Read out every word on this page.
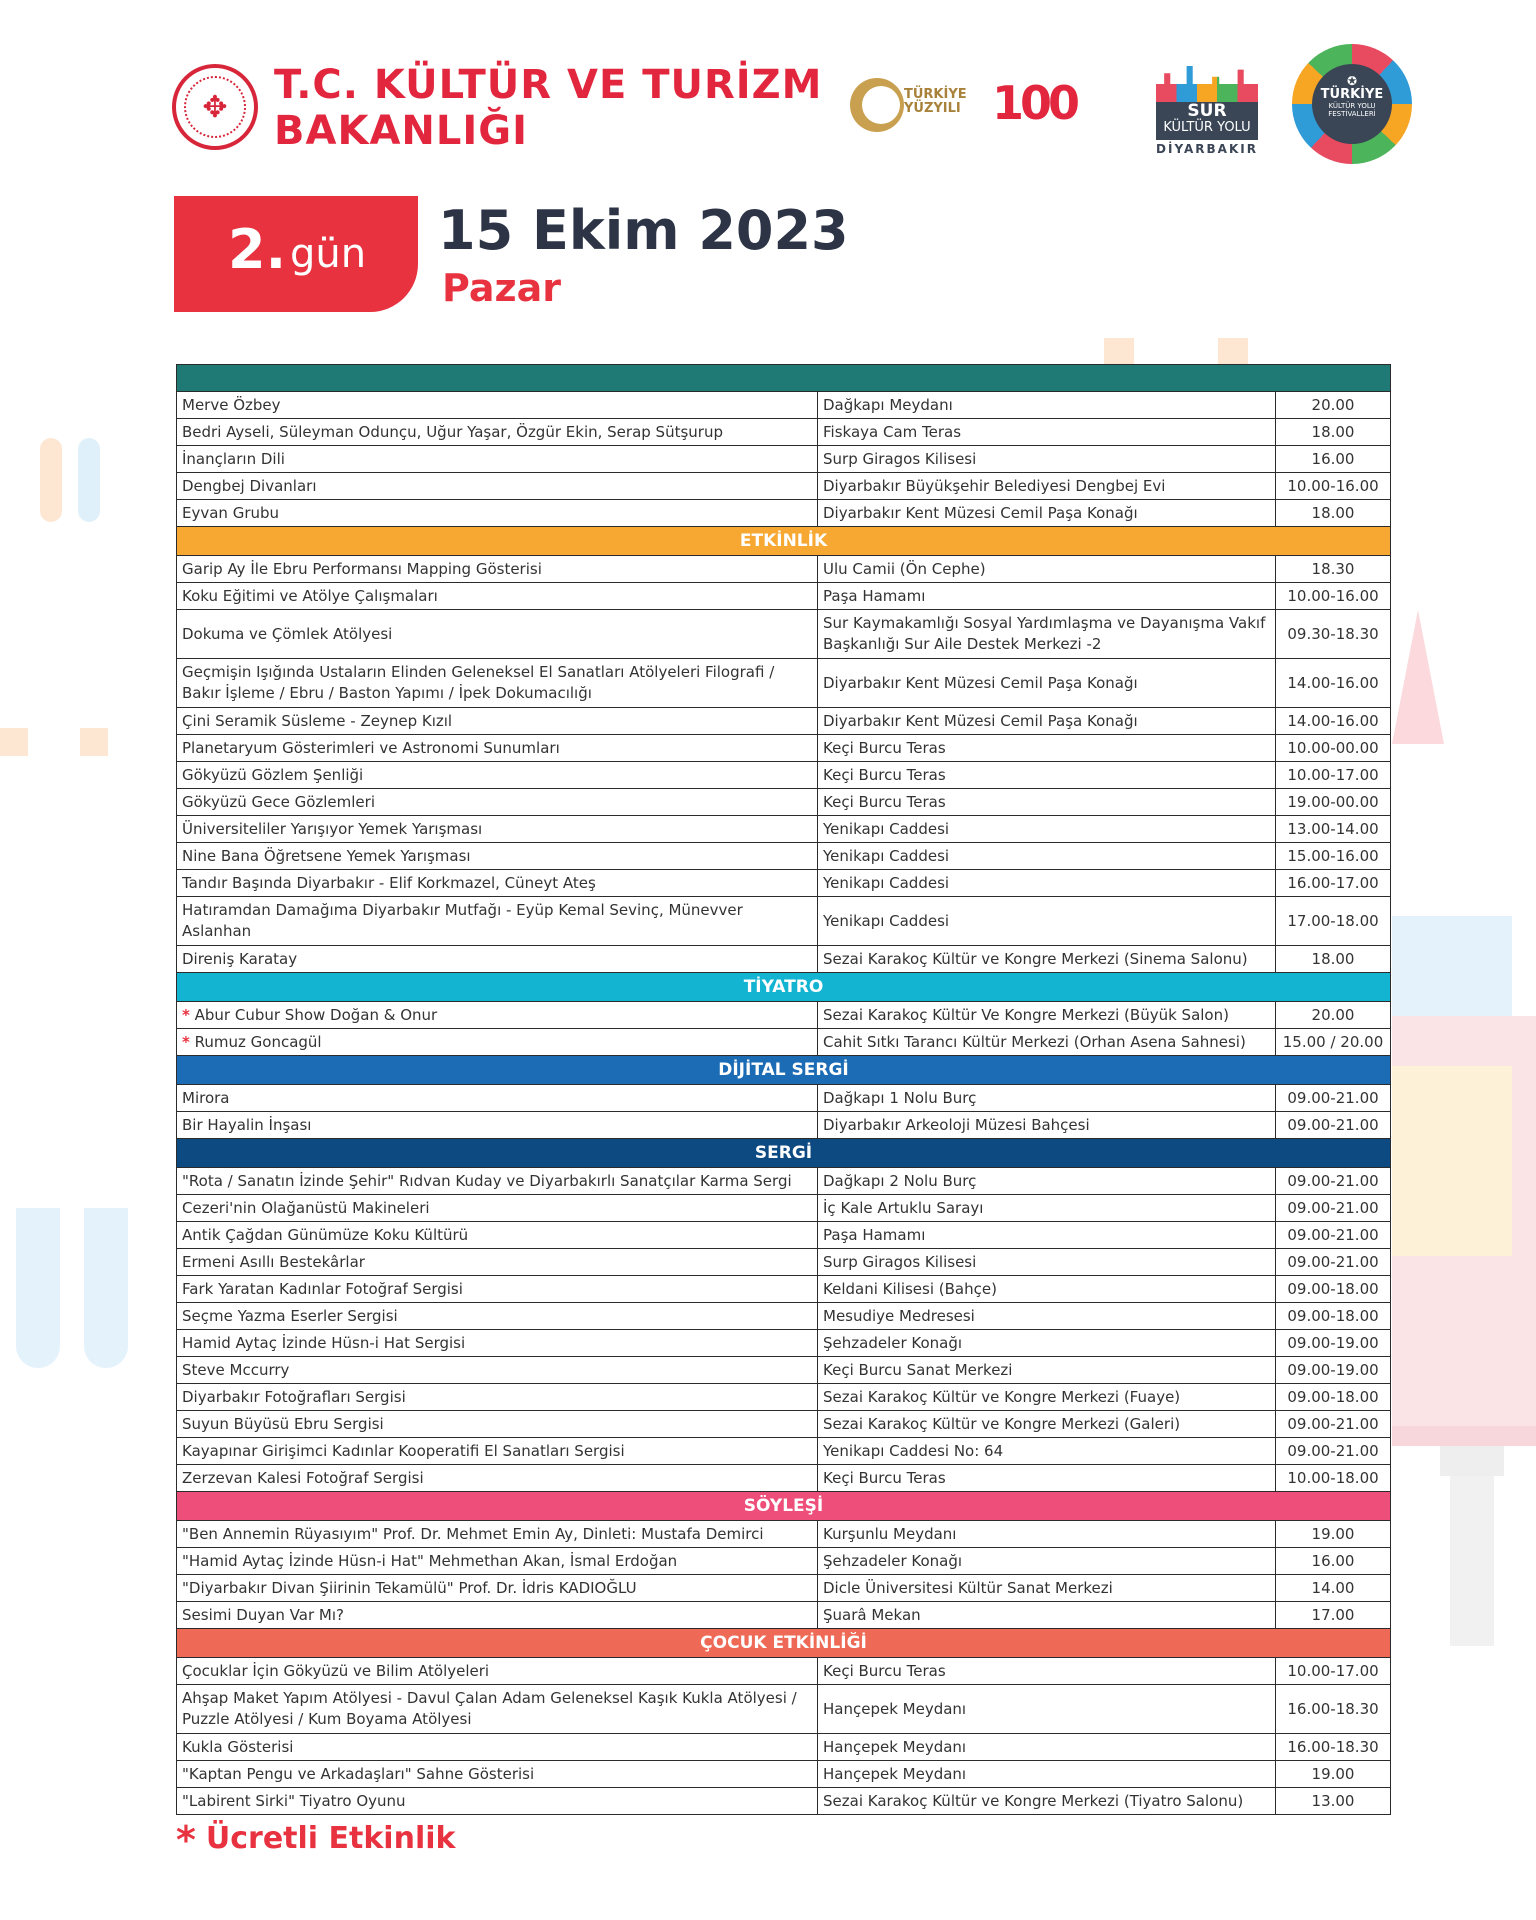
✥	T.C. KÜLTÜR VE TURİZM
BAKANLIĞI
TÜRKİYE
YÜZYILI 100	SUR
KÜLTÜR YOLU
DİYARBAKIR
✪
TÜRKİYE
KÜLTÜR YOLU FESTİVALLERİ
2. gün 15 Ekim 2023
Pazar

Merve Özbey	Dağkapı Meydanı	20.00
Bedri Ayseli, Süleyman Odunçu, Uğur Yaşar, Özgür Ekin, Serap Sütşurup	Fiskaya Cam Teras	18.00
İnançların Dili	Surp Giragos Kilisesi	16.00
Dengbej Divanları	Diyarbakır Büyükşehir Belediyesi Dengbej Evi	10.00-16.00
Eyvan Grubu	Diyarbakır Kent Müzesi Cemil Paşa Konağı	18.00
ETKİNLİK		
Garip Ay İle Ebru Performansı Mapping Gösterisi	Ulu Camii (Ön Cephe)	18.30
Koku Eğitimi ve Atölye Çalışmaları	Paşa Hamamı	10.00-16.00
Dokuma ve Çömlek Atölyesi	Sur Kaymakamlığı Sosyal Yardımlaşma ve Dayanışma Vakıf Başkanlığı Sur Aile Destek Merkezi -2	09.30-18.30
Geçmişin Işığında Ustaların Elinden Geleneksel El Sanatları Atölyeleri Filografi / Bakır İşleme / Ebru / Baston Yapımı / İpek Dokumacılığı	Diyarbakır Kent Müzesi Cemil Paşa Konağı	14.00-16.00
Çini Seramik Süsleme - Zeynep Kızıl	Diyarbakır Kent Müzesi Cemil Paşa Konağı	14.00-16.00
Planetaryum Gösterimleri ve Astronomi Sunumları	Keçi Burcu Teras	10.00-00.00
Gökyüzü Gözlem Şenliği	Keçi Burcu Teras	10.00-17.00
Gökyüzü Gece Gözlemleri	Keçi Burcu Teras	19.00-00.00
Üniversiteliler Yarışıyor Yemek Yarışması	Yenikapı Caddesi	13.00-14.00
Nine Bana Öğretsene Yemek Yarışması	Yenikapı Caddesi	15.00-16.00
Tandır Başında Diyarbakır - Elif Korkmazel, Cüneyt Ateş	Yenikapı Caddesi	16.00-17.00
Hatıramdan Damağıma Diyarbakır Mutfağı - Eyüp Kemal Sevinç, Münevver Aslanhan	Yenikapı Caddesi	17.00-18.00
Direniş Karatay	Sezai Karakoç Kültür ve Kongre Merkezi (Sinema Salonu)	18.00
TİYATRO		
* Abur Cubur Show Doğan & Onur	Sezai Karakoç Kültür Ve Kongre Merkezi (Büyük Salon)	20.00
* Rumuz Goncagül	Cahit Sıtkı Tarancı Kültür Merkezi (Orhan Asena Sahnesi)	15.00 / 20.00
DİJİTAL SERGİ		
Mirora	Dağkapı 1 Nolu Burç	09.00-21.00
Bir Hayalin İnşası	Diyarbakır Arkeoloji Müzesi Bahçesi	09.00-21.00
SERGİ		
"Rota / Sanatın İzinde Şehir" Rıdvan Kuday ve Diyarbakırlı Sanatçılar Karma Sergi	Dağkapı 2 Nolu Burç	09.00-21.00
Cezeri'nin Olağanüstü Makineleri	İç Kale Artuklu Sarayı	09.00-21.00
Antik Çağdan Günümüze Koku Kültürü	Paşa Hamamı	09.00-21.00
Ermeni Asıllı Bestekârlar	Surp Giragos Kilisesi	09.00-21.00
Fark Yaratan Kadınlar Fotoğraf Sergisi	Keldani Kilisesi (Bahçe)	09.00-18.00
Seçme Yazma Eserler Sergisi	Mesudiye Medresesi	09.00-18.00
Hamid Aytaç İzinde Hüsn-i Hat Sergisi	Şehzadeler Konağı	09.00-19.00
Steve Mccurry	Keçi Burcu Sanat Merkezi	09.00-19.00
Diyarbakır Fotoğrafları Sergisi	Sezai Karakoç Kültür ve Kongre Merkezi (Fuaye)	09.00-18.00
Suyun Büyüsü Ebru Sergisi	Sezai Karakoç Kültür ve Kongre Merkezi (Galeri)	09.00-21.00
Kayapınar Girişimci Kadınlar Kooperatifi El Sanatları Sergisi	Yenikapı Caddesi No: 64	09.00-21.00
Zerzevan Kalesi Fotoğraf Sergisi	Keçi Burcu Teras	10.00-18.00
SÖYLEŞİ		
"Ben Annemin Rüyasıyım" Prof. Dr. Mehmet Emin Ay, Dinleti: Mustafa Demirci	Kurşunlu Meydanı	19.00
"Hamid Aytaç İzinde Hüsn-i Hat" Mehmethan Akan, İsmal Erdoğan	Şehzadeler Konağı	16.00
"Diyarbakır Divan Şiirinin Tekamülü" Prof. Dr. İdris KADIOĞLU	Dicle Üniversitesi Kültür Sanat Merkezi	14.00
Sesimi Duyan Var Mı?	Şuarâ Mekan	17.00
ÇOCUK ETKİNLİĞİ		
Çocuklar İçin Gökyüzü ve Bilim Atölyeleri	Keçi Burcu Teras	10.00-17.00
Ahşap Maket Yapım Atölyesi - Davul Çalan Adam Geleneksel Kaşık Kukla Atölyesi / Puzzle Atölyesi / Kum Boyama Atölyesi	Hançepek Meydanı	16.00-18.30
Kukla Gösterisi	Hançepek Meydanı	16.00-18.30
"Kaptan Pengu ve Arkadaşları" Sahne Gösterisi	Hançepek Meydanı	19.00
"Labirent Sirki" Tiyatro Oyunu	Sezai Karakoç Kültür ve Kongre Merkezi (Tiyatro Salonu)	13.00
* Ücretli Etkinlik
